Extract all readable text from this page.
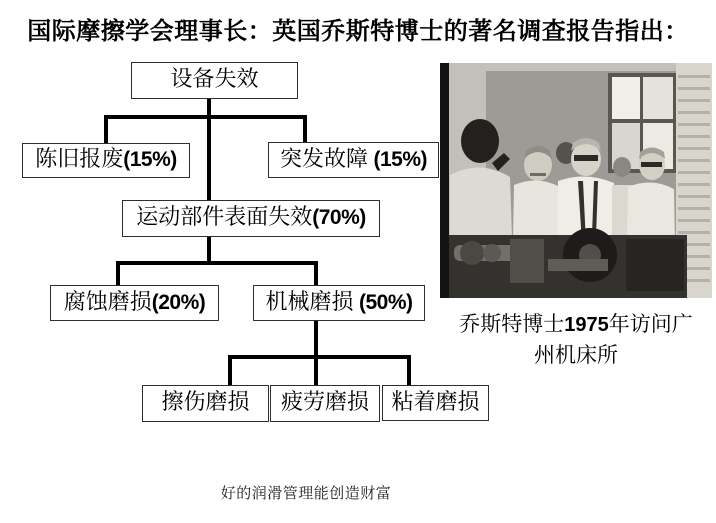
国际摩擦学会理事长：英国乔斯特博士的著名调查报告指出：
设备失效
陈旧报废(15%)	突发故障 (15%)
运动部件表面失效(70%)
腐蚀磨损(20%)	机械磨损 (50%)
擦伤磨损	疲劳磨损	粘着磨损
乔斯特博士1975年访问广
州机床所
好的润滑管理能创造财富
